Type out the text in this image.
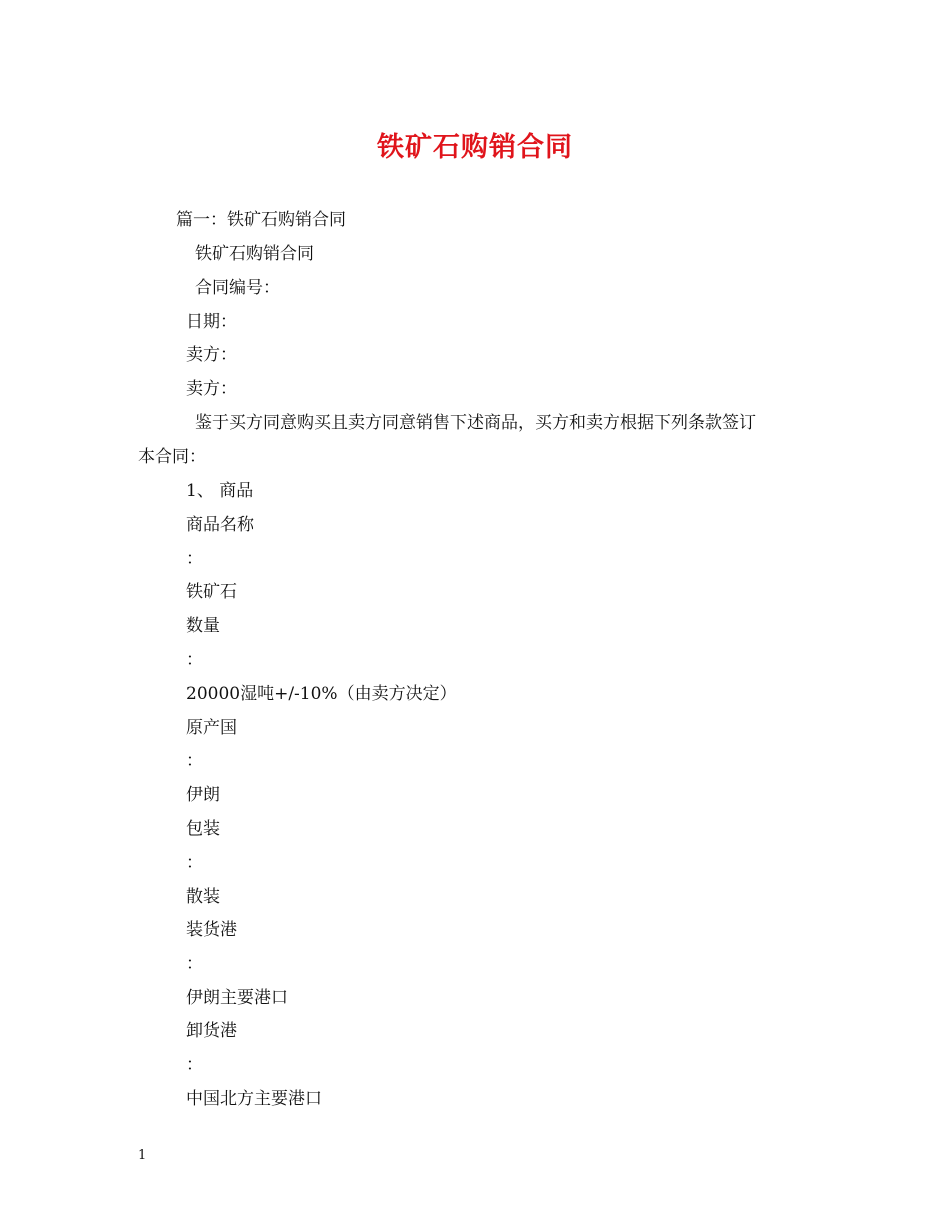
铁矿石购销合同
篇一：铁矿石购销合同
铁矿石购销合同
合同编号：
日期：
卖方：
卖方：
鉴于买方同意购买且卖方同意销售下述商品，买方和卖方根据下列条款签订
本合同：
1、 商品
商品名称
：
铁矿石
数量
：
20000湿吨+/-10%（由卖方决定）
原产国
：
伊朗
包装
：
散装
装货港
：
伊朗主要港口
卸货港
：
中国北方主要港口
1
